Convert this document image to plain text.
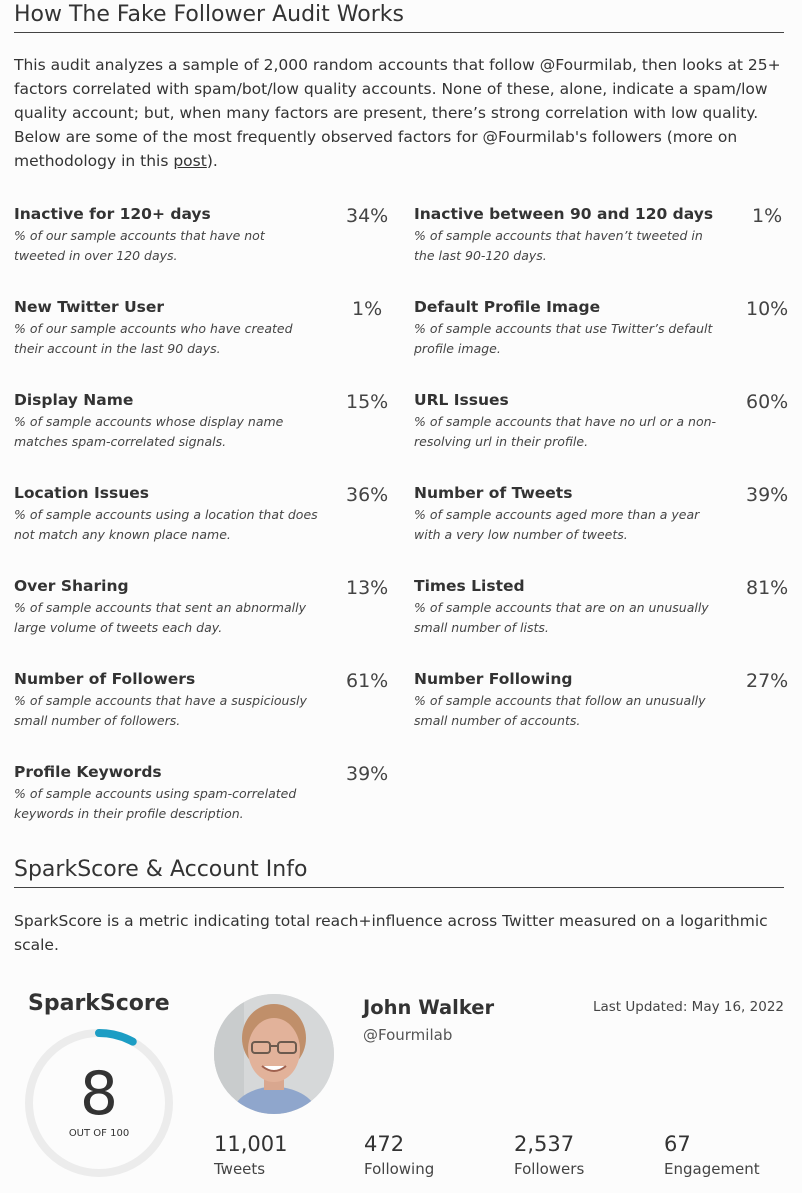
How The Fake Follower Audit Works

This audit analyzes a sample of 2,000 random accounts that follow @Fourmilab, then looks at 25+ factors correlated with spam/bot/low quality accounts. None of these, alone, indicate a spam/low quality account; but, when many factors are present, there’s strong correlation with low quality. Below are some of the most frequently observed factors for @Fourmilab's followers (more on methodology in this post).

Inactive for 120+ days
% of our sample accounts that have not tweeted in over 120 days.
34% Inactive between 90 and 120 days
% of sample accounts that haven’t tweeted in the last 90-120 days.
1%
New Twitter User
% of our sample accounts who have created their account in the last 90 days.
1% Default Profile Image
% of sample accounts that use Twitter’s default profile image.
10%
Display Name
% of sample accounts whose display name matches spam-correlated signals.
15% URL Issues
% of sample accounts that have no url or a non-resolving url in their profile.
60%
Location Issues
% of sample accounts using a location that does not match any known place name.
36% Number of Tweets
% of sample accounts aged more than a year with a very low number of tweets.
39%
Over Sharing
% of sample accounts that sent an abnormally large volume of tweets each day.
13% Times Listed
% of sample accounts that are on an unusually small number of lists.
81%
Number of Followers
% of sample accounts that have a suspiciously small number of followers.
61% Number Following
% of sample accounts that follow an unusually small number of accounts.
27%
Profile Keywords
% of sample accounts using spam-correlated keywords in their profile description.
39%
SparkScore & Account Info

SparkScore is a metric indicating total reach+influence across Twitter measured on a logarithmic scale.

SparkScore
8
OUT OF 100
John Walker
@Fourmilab
Last Updated: May 16, 2022
11,001
Tweets
472
Following
2,537
Followers
67
Engagement
